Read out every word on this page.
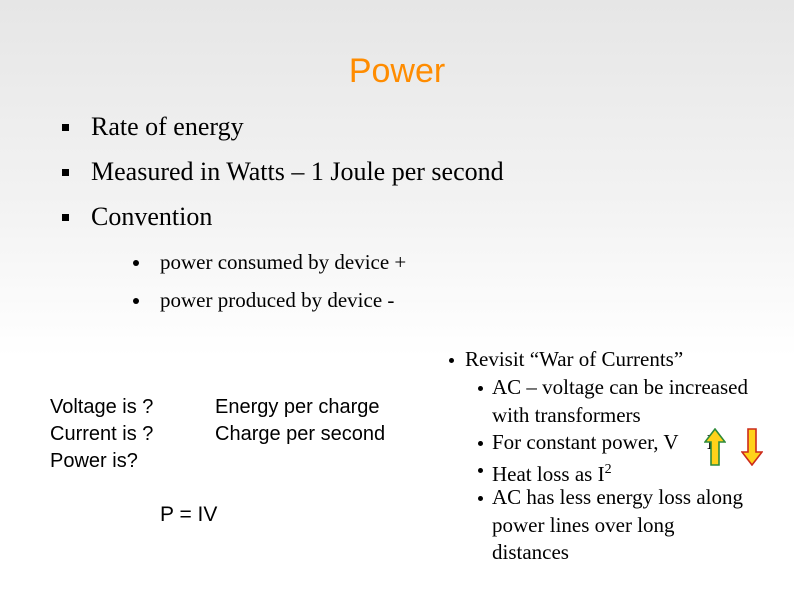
Power
Rate of energy
Measured in Watts – 1 Joule per second
Convention
power consumed by device +
power produced by device -
Voltage is ?
Current is ?
Power is?
Energy per charge
Charge per second
P = IV
Revisit “War of Currents”
AC – voltage can be increased
with transformers
For constant power, V
Heat loss as $I^2$
AC has less energy loss along
power lines over long
distances
